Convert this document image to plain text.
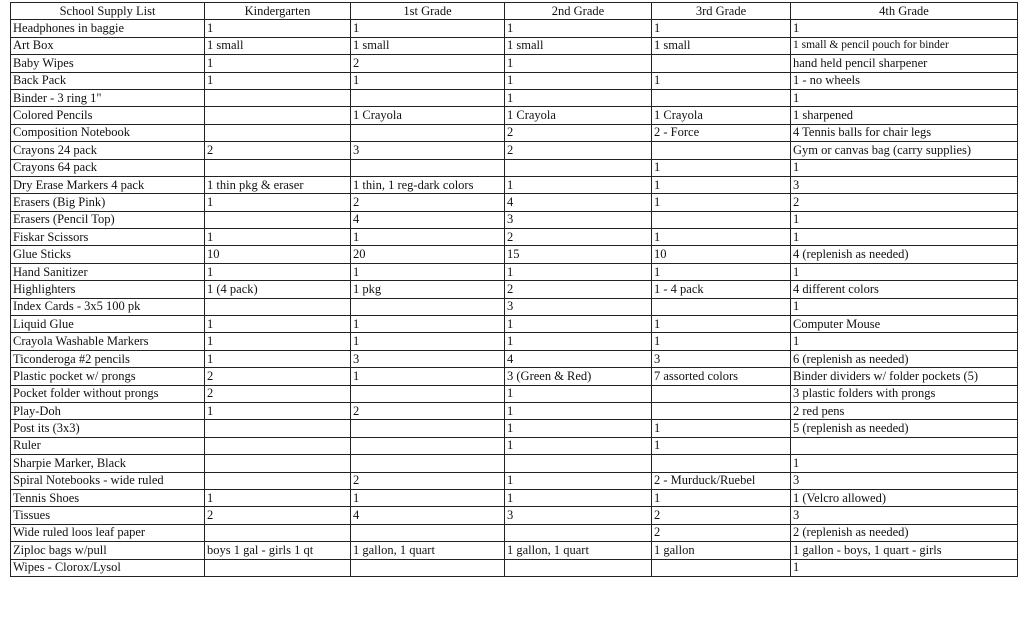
School Supply List	Kindergarten	1st Grade	2nd Grade	3rd Grade	4th Grade
Headphones in baggie	1	1	1	1	1
Art Box	1 small	1 small	1 small	1 small	1 small & pencil pouch for binder
Baby Wipes	1	2	1		hand held pencil sharpener
Back Pack	1	1	1	1	1 - no wheels
Binder - 3 ring 1"			1		1
Colored Pencils		1 Crayola	1 Crayola	1 Crayola	1 sharpened
Composition Notebook			2	2 - Force	4 Tennis balls for chair legs
Crayons 24 pack	2	3	2		Gym or canvas bag (carry supplies)
Crayons 64 pack				1	1
Dry Erase Markers 4 pack	1 thin pkg & eraser	1 thin, 1 reg-dark colors	1	1	3
Erasers (Big Pink)	1	2	4	1	2
Erasers (Pencil Top)		4	3		1
Fiskar Scissors	1	1	2	1	1
Glue Sticks	10	20	15	10	4 (replenish as needed)
Hand Sanitizer	1	1	1	1	1
Highlighters	1 (4 pack)	1 pkg	2	1 - 4 pack	4 different colors
Index Cards - 3x5 100 pk			3		1
Liquid Glue	1	1	1	1	Computer Mouse
Crayola Washable Markers	1	1	1	1	1
Ticonderoga #2 pencils	1	3	4	3	6 (replenish as needed)
Plastic pocket w/ prongs	2	1	3 (Green & Red)	7 assorted colors	Binder dividers w/ folder pockets (5)
Pocket folder without prongs	2		1		3 plastic folders with prongs
Play-Doh	1	2	1		2 red pens
Post its (3x3)			1	1	5 (replenish as needed)
Ruler			1	1	
Sharpie Marker, Black					1
Spiral Notebooks - wide ruled		2	1	2 - Murduck/Ruebel	3
Tennis Shoes	1	1	1	1	1 (Velcro allowed)
Tissues	2	4	3	2	3
Wide ruled loos leaf paper				2	2 (replenish as needed)
Ziploc bags w/pull	boys 1 gal - girls 1 qt	1 gallon, 1 quart	1 gallon, 1 quart	1 gallon	1 gallon - boys, 1 quart - girls
Wipes - Clorox/Lysol					1
